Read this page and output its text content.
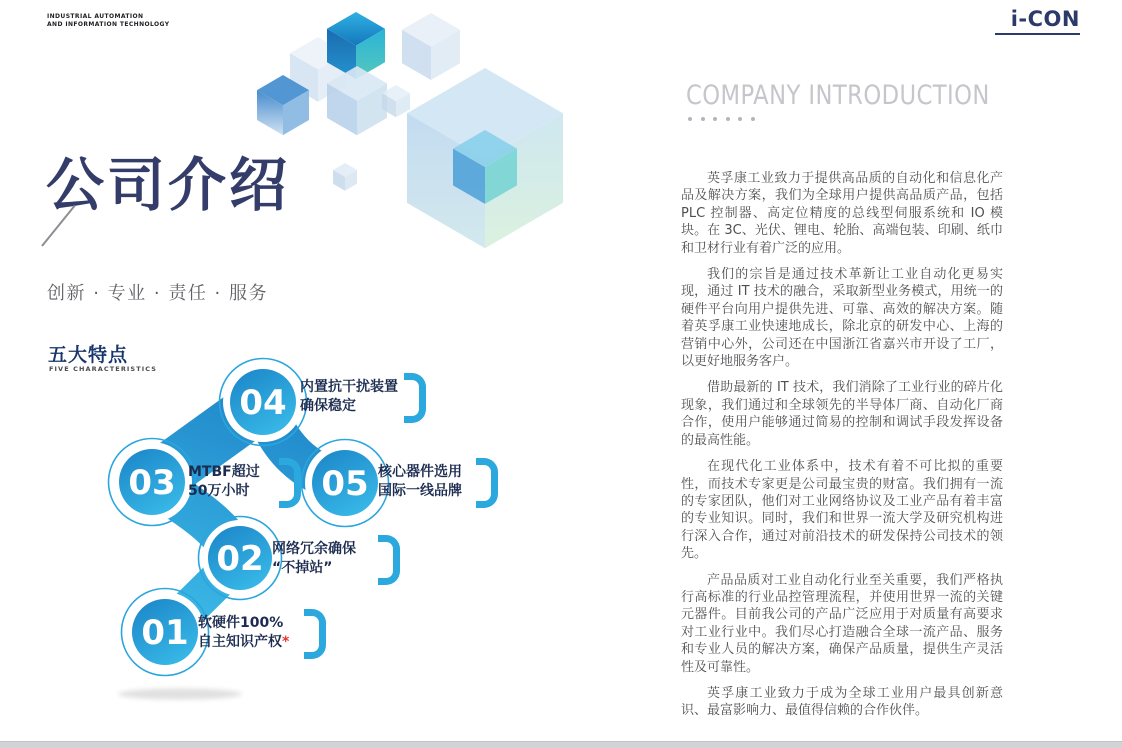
INDUSTRIAL AUTOMATION
AND INFORMATION TECHNOLOGY	i-CON
公司介绍
创新 · 专业 · 责任 · 服务
五大特点
FIVE CHARACTERISTICS
04
03	05
02
01
内置抗干扰装置
确保稳定
MTBF超过
50万小时
核心器件选用
国际一线品牌
网络冗余确保
“不掉站”
软硬件100%
自主知识产权*
COMPANY INTRODUCTION

英孚康工业致力于提供高品质的自动化和信息化产品及解决方案，我们为全球用户提供高品质产品，包括 PLC 控制器、高定位精度的总线型伺服系统和 IO 模块。在 3C、光伏、锂电、轮胎、高端包装、印刷、纸巾和卫材行业有着广泛的应用。

我们的宗旨是通过技术革新让工业自动化更易实现，通过 IT 技术的融合，采取新型业务模式，用统一的硬件平台向用户提供先进、可靠、高效的解决方案。随着英孚康工业快速地成长，除北京的研发中心、上海的营销中心外，公司还在中国浙江省嘉兴市开设了工厂，以更好地服务客户。

借助最新的 IT 技术，我们消除了工业行业的碎片化现象，我们通过和全球领先的半导体厂商、自动化厂商合作，使用户能够通过简易的控制和调试手段发挥设备的最高性能。

在现代化工业体系中，技术有着不可比拟的重要性，而技术专家更是公司最宝贵的财富。我们拥有一流的专家团队，他们对工业网络协议及工业产品有着丰富的专业知识。同时，我们和世界一流大学及研究机构进行深入合作，通过对前沿技术的研发保持公司技术的领先。

产品品质对工业自动化行业至关重要，我们严格执行高标准的行业品控管理流程，并使用世界一流的关键元器件。目前我公司的产品广泛应用于对质量有高要求对工业行业中。我们尽心打造融合全球一流产品、服务和专业人员的解决方案，确保产品质量，提供生产灵活性及可靠性。

英孚康工业致力于成为全球工业用户最具创新意识、最富影响力、最值得信赖的合作伙伴。
